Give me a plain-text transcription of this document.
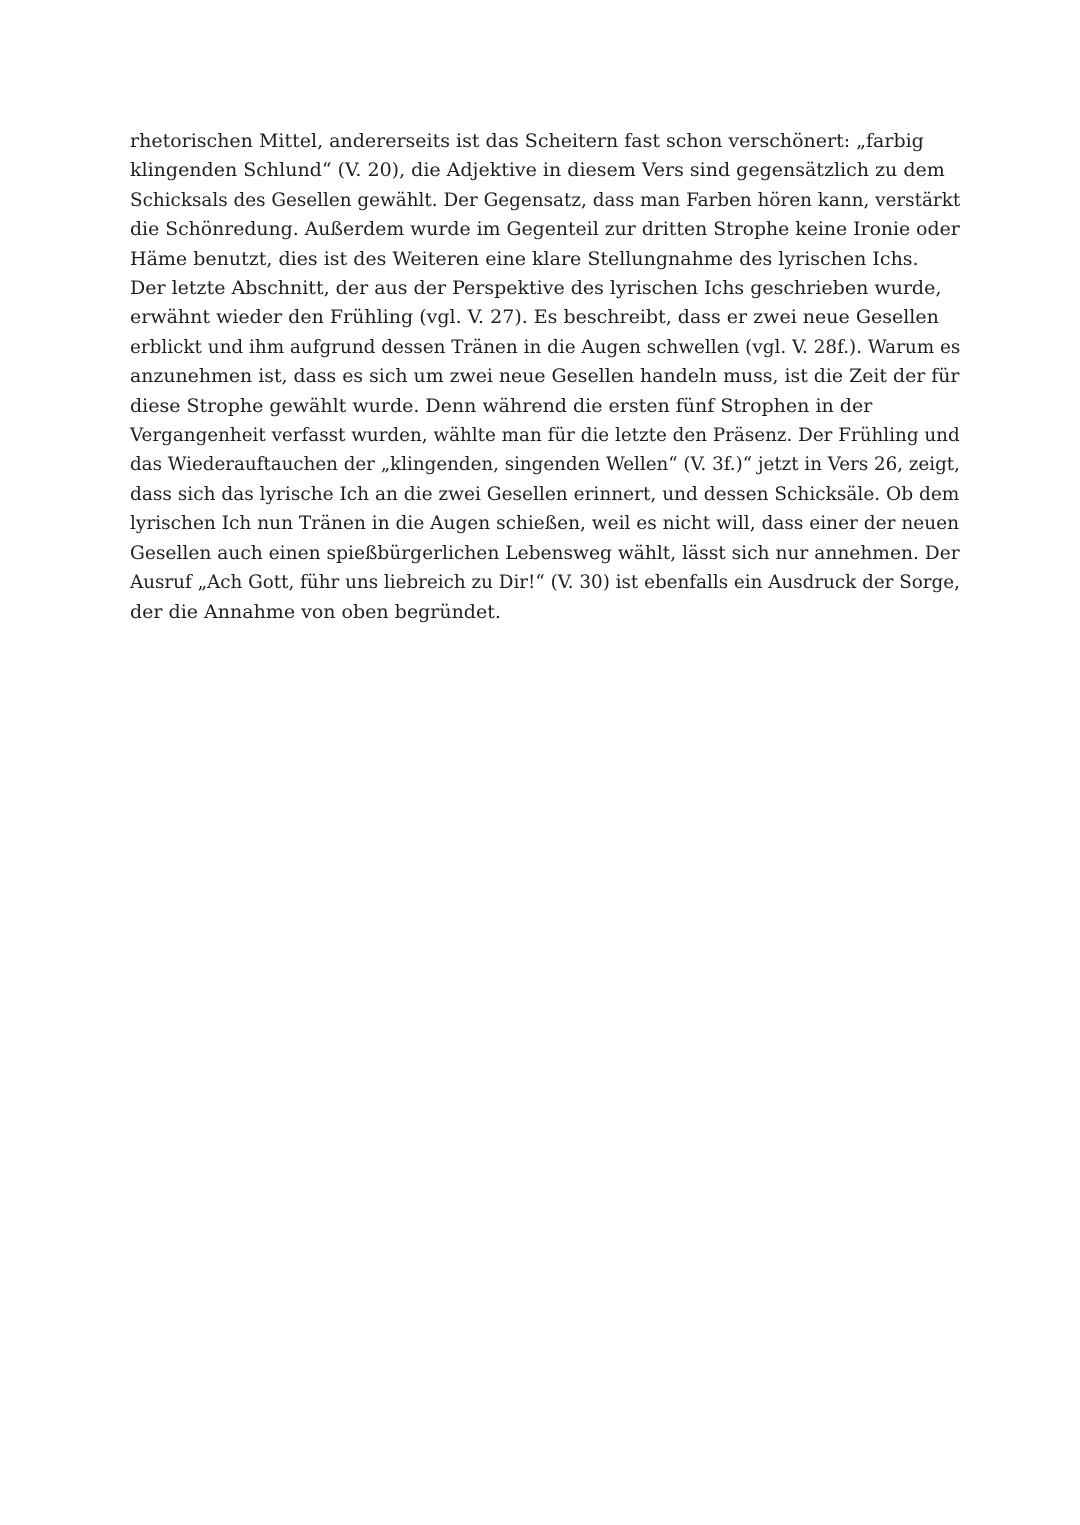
rhetorischen Mittel, andererseits ist das Scheitern fast schon verschönert: „farbig
klingenden Schlund“ (V. 20), die Adjektive in diesem Vers sind gegensätzlich zu dem
Schicksals des Gesellen gewählt. Der Gegensatz, dass man Farben hören kann, verstärkt
die Schönredung. Außerdem wurde im Gegenteil zur dritten Strophe keine Ironie oder
Häme benutzt, dies ist des Weiteren eine klare Stellungnahme des lyrischen Ichs.
Der letzte Abschnitt, der aus der Perspektive des lyrischen Ichs geschrieben wurde,
erwähnt wieder den Frühling (vgl. V. 27). Es beschreibt, dass er zwei neue Gesellen
erblickt und ihm aufgrund dessen Tränen in die Augen schwellen (vgl. V. 28f.). Warum es
anzunehmen ist, dass es sich um zwei neue Gesellen handeln muss, ist die Zeit der für
diese Strophe gewählt wurde. Denn während die ersten fünf Strophen in der
Vergangenheit verfasst wurden, wählte man für die letzte den Präsenz. Der Frühling und
das Wiederauftauchen der „klingenden, singenden Wellen“ (V. 3f.)“ jetzt in Vers 26, zeigt,
dass sich das lyrische Ich an die zwei Gesellen erinnert, und dessen Schicksäle. Ob dem
lyrischen Ich nun Tränen in die Augen schießen, weil es nicht will, dass einer der neuen
Gesellen auch einen spießbürgerlichen Lebensweg wählt, lässt sich nur annehmen. Der
Ausruf „Ach Gott, führ uns liebreich zu Dir!“ (V. 30) ist ebenfalls ein Ausdruck der Sorge,
der die Annahme von oben begründet.
